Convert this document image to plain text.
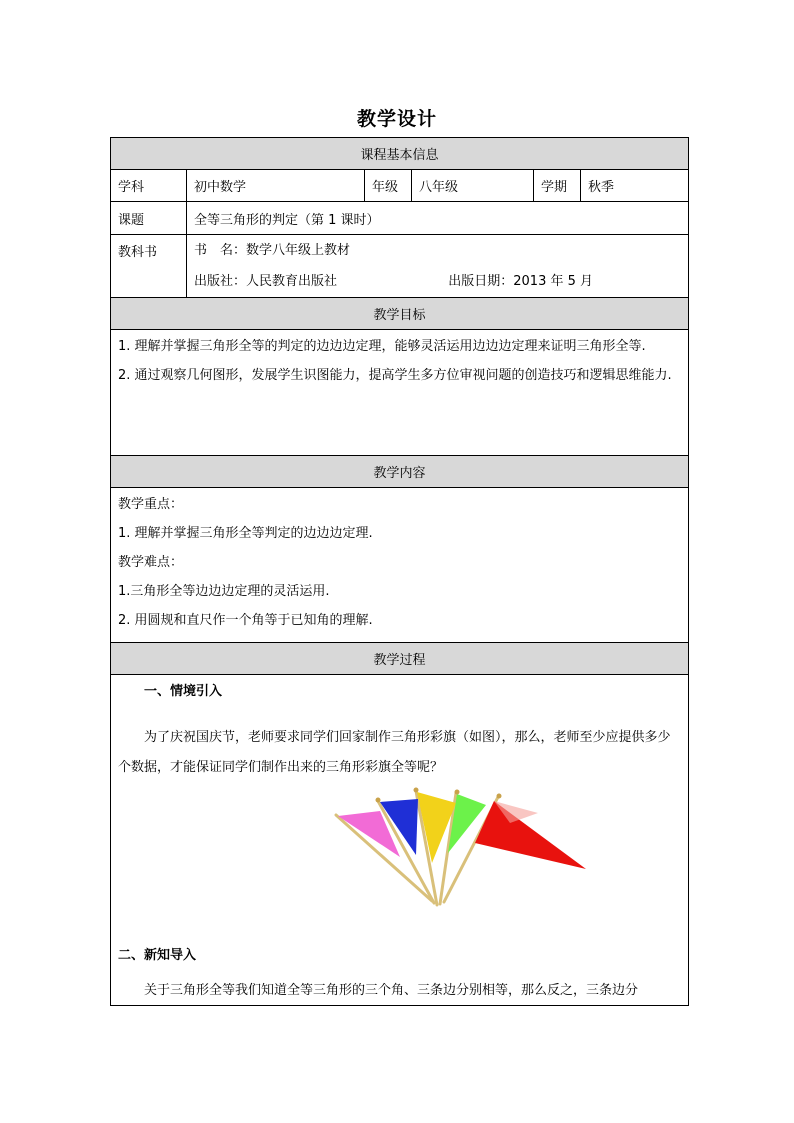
教学设计
课程基本信息					
学科	初中数学	年级	八年级	学期	秋季
课题	全等三角形的判定（第 1 课时）				
教科书	书　名：数学八年级上教材
出版社：人民教育出版社 出版日期：2013 年 5 月				

教学目标					

1. 理解并掌握三角形全等的判定的边边边定理，能够灵活运用边边边定理来证明三角形全等.

2. 通过观察几何图形，发展学生识图能力，提高学生多方位审视问题的创造技巧和逻辑思维能力.					

教学内容					

教学重点：

1. 理解并掌握三角形全等判定的边边边定理.

教学难点：

1.三角形全等边边边定理的灵活运用.

2. 用圆规和直尺作一个角等于已知角的理解.					

教学过程					

一、情境引入

为了庆祝国庆节，老师要求同学们回家制作三角形彩旗（如图），那么，老师至少应提供多少个数据，才能保证同学们制作出来的三角形彩旗全等呢？

二、新知导入

关于三角形全等我们知道全等三角形的三个角、三条边分别相等，那么反之，三条边分					
